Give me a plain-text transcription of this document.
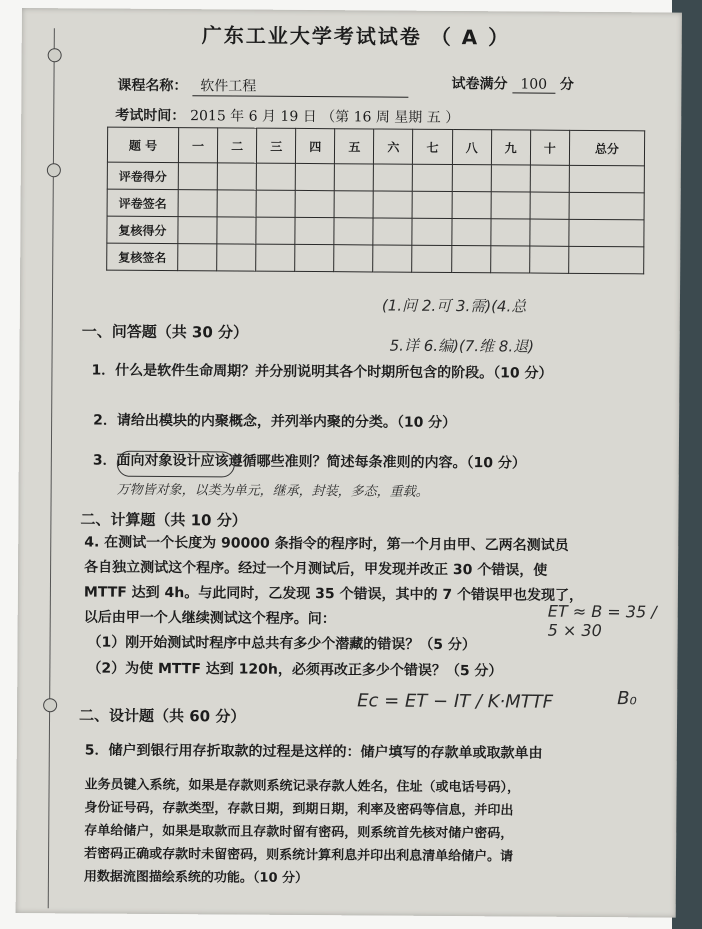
广东工业大学考试试卷 （ A ）
课程名称： 软件工程	试卷满分 100 分
考试时间： 2015 年 6 月 19 日 （第 16 周 星期 五 ）
题 号	一	二	三	四	五	六	七	八	九	十	总分
评卷得分											
评卷签名											
复核得分											
复核签名											
(1.问 2.可 3.需)(4.总
5.详 6.编)(7.维 8.退)
一、问答题（共 30 分）
1．什么是软件生命周期？并分别说明其各个时期所包含的阶段。（10 分）
2．请给出模块的内聚概念，并列举内聚的分类。（10 分）
3．面向对象设计应该遵循哪些准则？简述每条准则的内容。（10 分）
万物皆对象，以类为单元，继承，封装，多态，重载。
二、计算题（共 10 分）
4. 在测试一个长度为 90000 条指令的程序时，第一个月由甲、乙两名测试员
各自独立测试这个程序。经过一个月测试后，甲发现并改正 30 个错误，使
MTTF 达到 4h。与此同时，乙发现 35 个错误，其中的 7 个错误甲也发现了，
以后由甲一个人继续测试这个程序。问：
（1）刚开始测试时程序中总共有多少个潜藏的错误？（5 分）
（2）为使 MTTF 达到 120h，必须再改正多少个错误？（5 分）
ET ≈ B = 35 / 5 × 30
B₀
Ec = ET − IT / K·MTTF
二、设计题（共 60 分）
5．储户到银行用存折取款的过程是这样的：储户填写的存款单或取款单由
业务员键入系统，如果是存款则系统记录存款人姓名，住址（或电话号码），
身份证号码，存款类型，存款日期，到期日期，利率及密码等信息，并印出
存单给储户，如果是取款而且存款时留有密码，则系统首先核对储户密码，
若密码正确或存款时未留密码，则系统计算利息并印出利息清单给储户。请
用数据流图描绘系统的功能。（10 分）
